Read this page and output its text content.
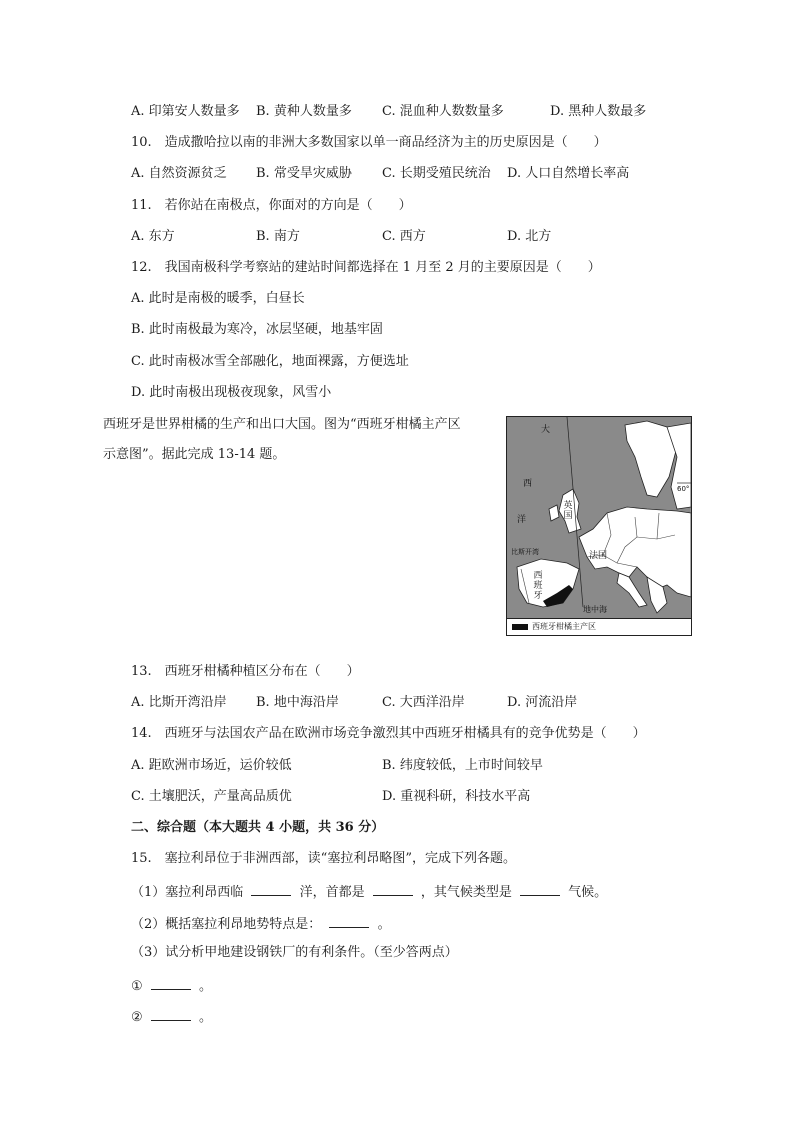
A. 印第安人数量多 B. 黄种人数量多 C. 混血种人数数量多	D. 黑种人数最多
10.　造成撒哈拉以南的非洲大多数国家以单一商品经济为主的历史原因是（　　）
A. 自然资源贫乏 B. 常受旱灾威胁 C. 长期受殖民统治 D. 人口自然增长率高
11.　若你站在南极点，你面对的方向是（　　）
A. 东方	B. 南方	C. 西方	D. 北方
12.　我国南极科学考察站的建站时间都选择在 1 月至 2 月的主要原因是（　　）
A. 此时是南极的暖季，白昼长
B. 此时南极最为寒冷，冰层坚硬，地基牢固
C. 此时南极冰雪全部融化，地面裸露，方便选址
D. 此时南极出现极夜现象，风雪小
西班牙是世界柑橘的生产和出口大国。图为“西班牙柑橘主产区
示意图”。据此完成 13-14 题。
大
西
洋
比斯开湾
英国
法国
西班牙
地中海
60°
西班牙柑橘主产区
13.　西班牙柑橘种植区分布在（　　）
A. 比斯开湾沿岸 B. 地中海沿岸	C. 大西洋沿岸	D. 河流沿岸
14.　西班牙与法国农产品在欧洲市场竞争激烈其中西班牙柑橘具有的竞争优势是（　　）
A. 距欧洲市场近，运价较低	B. 纬度较低，上市时间较早
C. 土壤肥沃，产量高品质优	D. 重视科研，科技水平高
二、综合题（本大题共 4 小题，共 36 分）
15.　塞拉利昂位于非洲西部，读“塞拉利昂略图”，完成下列各题。
（1）塞拉利昂西临	洋，首都是	，其气候类型是	气候。
（2）概括塞拉利昂地势特点是：	。
（3）试分析甲地建设钢铁厂的有利条件。（至少答两点）
①	。
②	。
